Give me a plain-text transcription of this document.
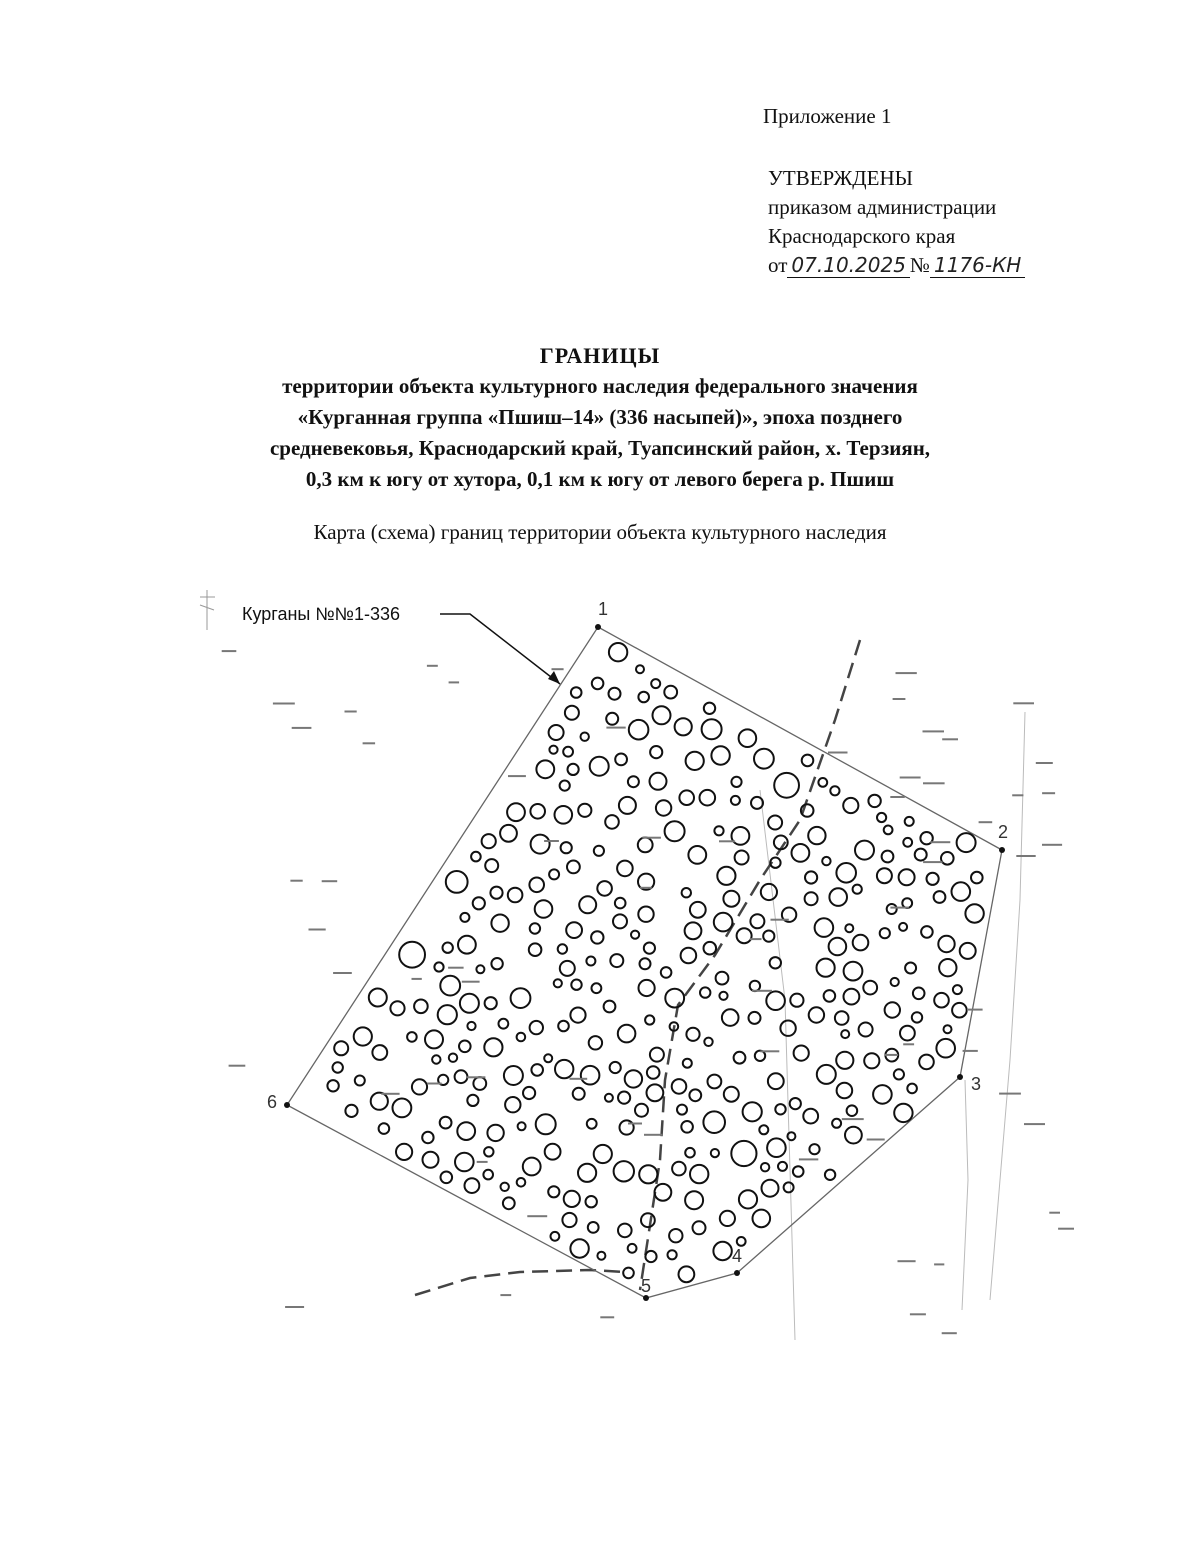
Приложение 1
УТВЕРЖДЕНЫ
приказом администрации
Краснодарского края
от 07.10.2025 № 1176-КН
ГРАНИЦЫ
территории объекта культурного наследия федерального значения
«Курганная группа «Пшиш–14» (336 насыпей)», эпоха позднего
средневековья, Краснодарский край, Туапсинский район, х. Терзиян,
0,3 км к югу от хутора, 0,1 км к югу от левого берега р. Пшиш
Карта (схема) границ территории объекта культурного наследия
Курганы №№1-336	1
2
3
4
5
6
